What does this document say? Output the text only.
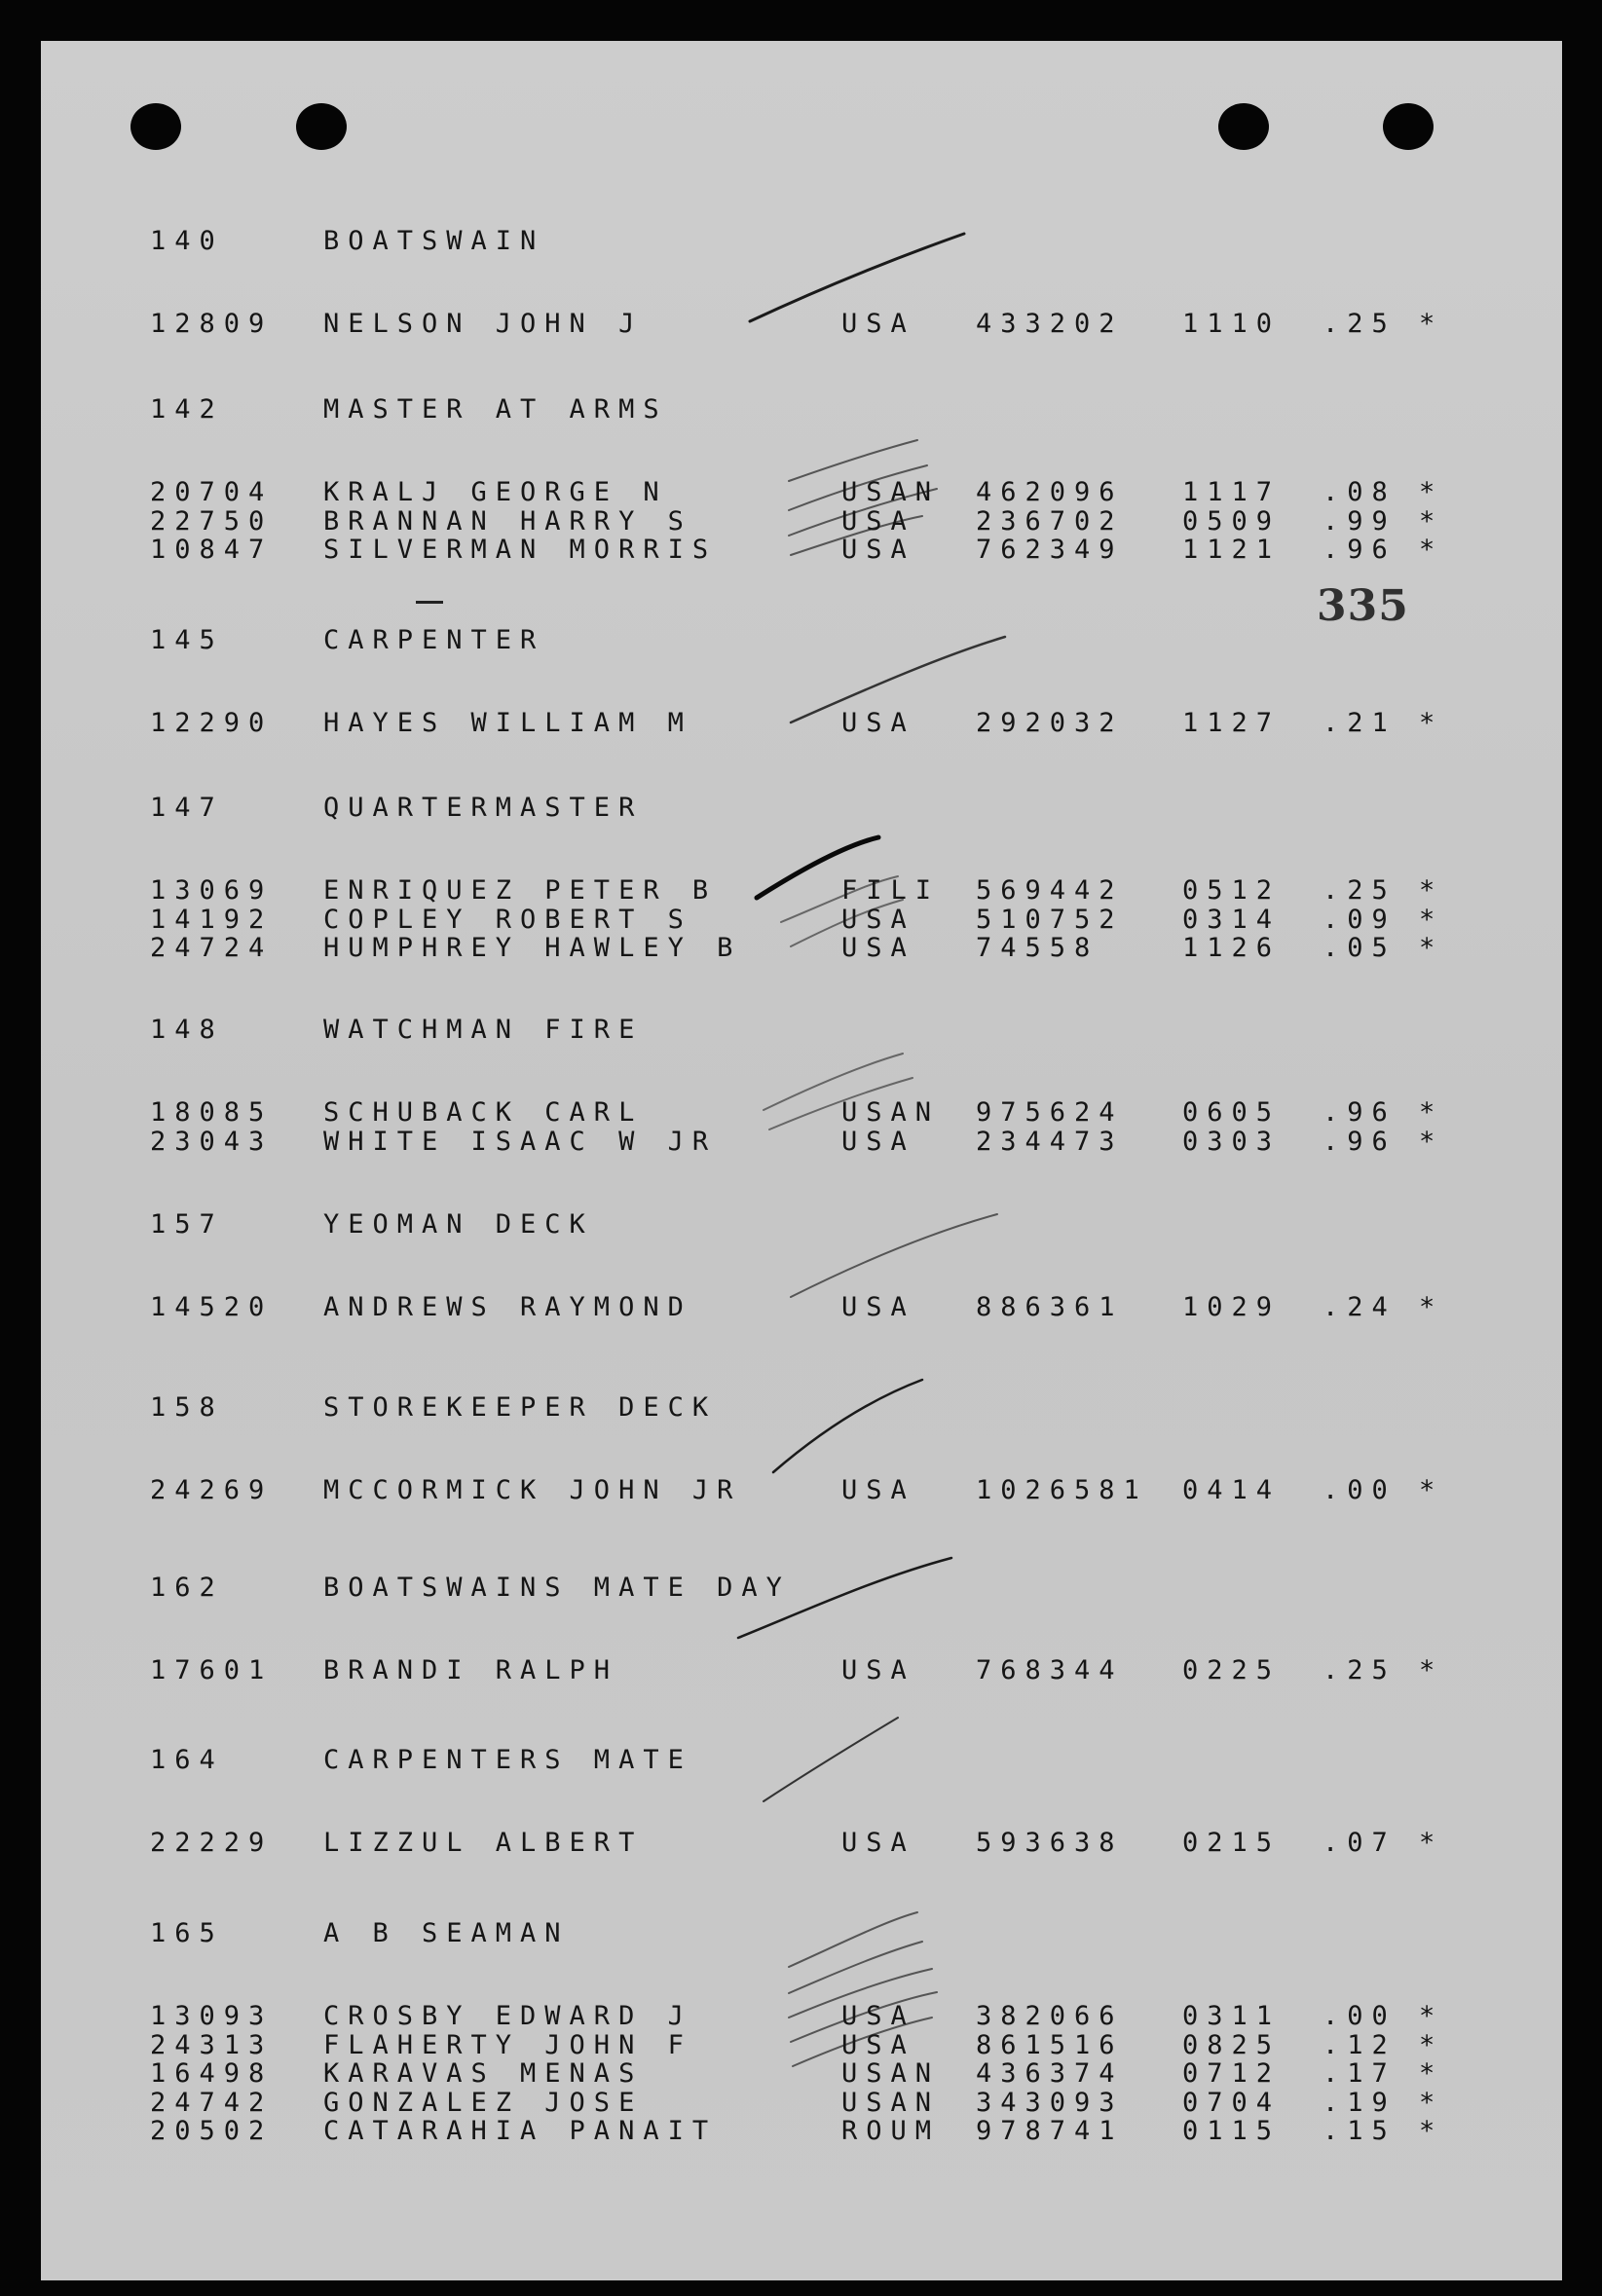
335
140	BOATSWAIN
12809 NELSON JOHN J	USA 433202 1110 .25 *
142	MASTER AT ARMS
20704 KRALJ GEORGE N	USAN 462096 1117 .08 *
22750 BRANNAN HARRY S	USA 236702 0509 .99 *
10847 SILVERMAN MORRIS	USA 762349 1121 .96 *
145	CARPENTER
12290 HAYES WILLIAM M	USA 292032 1127 .21 *
147	QUARTERMASTER
13069 ENRIQUEZ PETER B	FILI 569442 0512 .25 *
14192 COPLEY ROBERT S	USA 510752 0314 .09 *
24724 HUMPHREY HAWLEY B	USA 74558	1126 .05 *
148	WATCHMAN FIRE
18085 SCHUBACK CARL	USAN 975624 0605 .96 *
23043 WHITE ISAAC W JR	USA 234473 0303 .96 *
157	YEOMAN DECK
14520 ANDREWS RAYMOND	USA 886361 1029 .24 *
158	STOREKEEPER DECK
24269 MCCORMICK JOHN JR	USA 1026581 0414 .00 *
162	BOATSWAINS MATE DAY
17601 BRANDI RALPH	USA 768344 0225 .25 *
164	CARPENTERS MATE
22229 LIZZUL ALBERT	USA 593638 0215 .07 *
165	A B SEAMAN
13093 CROSBY EDWARD J	USA 382066 0311 .00 *
24313 FLAHERTY JOHN F	USA 861516 0825 .12 *
16498 KARAVAS MENAS	USAN 436374 0712 .17 *
24742 GONZALEZ JOSE	USAN 343093 0704 .19 *
20502 CATARAHIA PANAIT	ROUM 978741 0115 .15 *
